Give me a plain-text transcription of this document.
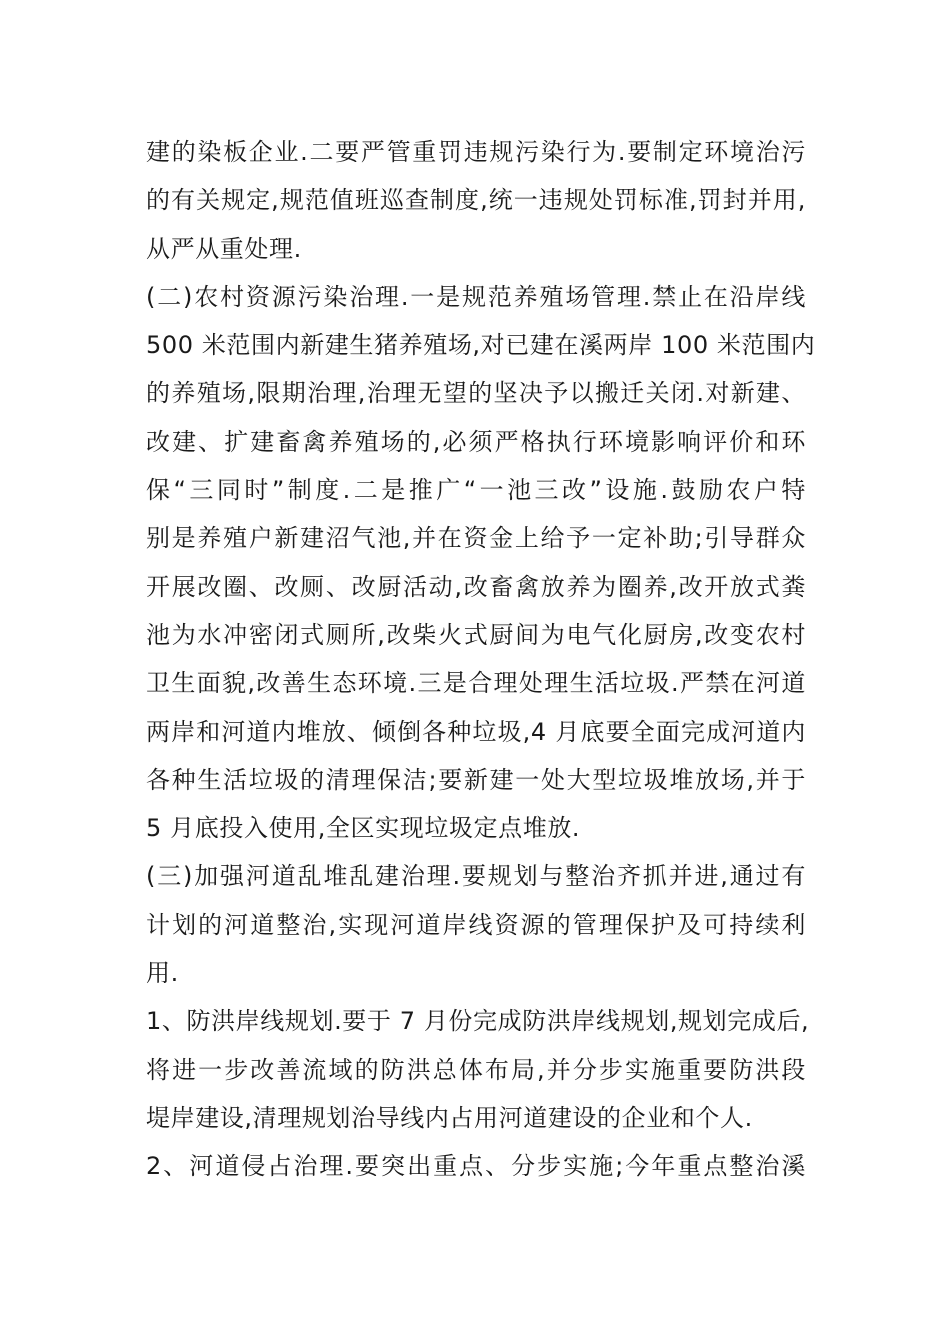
建的染板企业.二要严管重罚违规污染行为.要制定环境治污
的有关规定,规范值班巡查制度,统一违规处罚标准,罚封并用,
从严从重处理.
(二)农村资源污染治理.一是规范养殖场管理.禁止在沿岸线
500 米范围内新建生猪养殖场,对已建在溪两岸 100 米范围内
的养殖场,限期治理,治理无望的坚决予以搬迁关闭.对新建、
改建、扩建畜禽养殖场的,必须严格执行环境影响评价和环
保“三同时”制度.二是推广“一池三改”设施.鼓励农户特
别是养殖户新建沼气池,并在资金上给予一定补助;引导群众
开展改圈、改厕、改厨活动,改畜禽放养为圈养,改开放式粪
池为水冲密闭式厕所,改柴火式厨间为电气化厨房,改变农村
卫生面貌,改善生态环境.三是合理处理生活垃圾.严禁在河道
两岸和河道内堆放、倾倒各种垃圾,4 月底要全面完成河道内
各种生活垃圾的清理保洁;要新建一处大型垃圾堆放场,并于
5 月底投入使用,全区实现垃圾定点堆放.
(三)加强河道乱堆乱建治理.要规划与整治齐抓并进,通过有
计划的河道整治,实现河道岸线资源的管理保护及可持续利
用.
1、防洪岸线规划.要于 7 月份完成防洪岸线规划,规划完成后,
将进一步改善流域的防洪总体布局,并分步实施重要防洪段
堤岸建设,清理规划治导线内占用河道建设的企业和个人.
2、河道侵占治理.要突出重点、分步实施;今年重点整治溪
